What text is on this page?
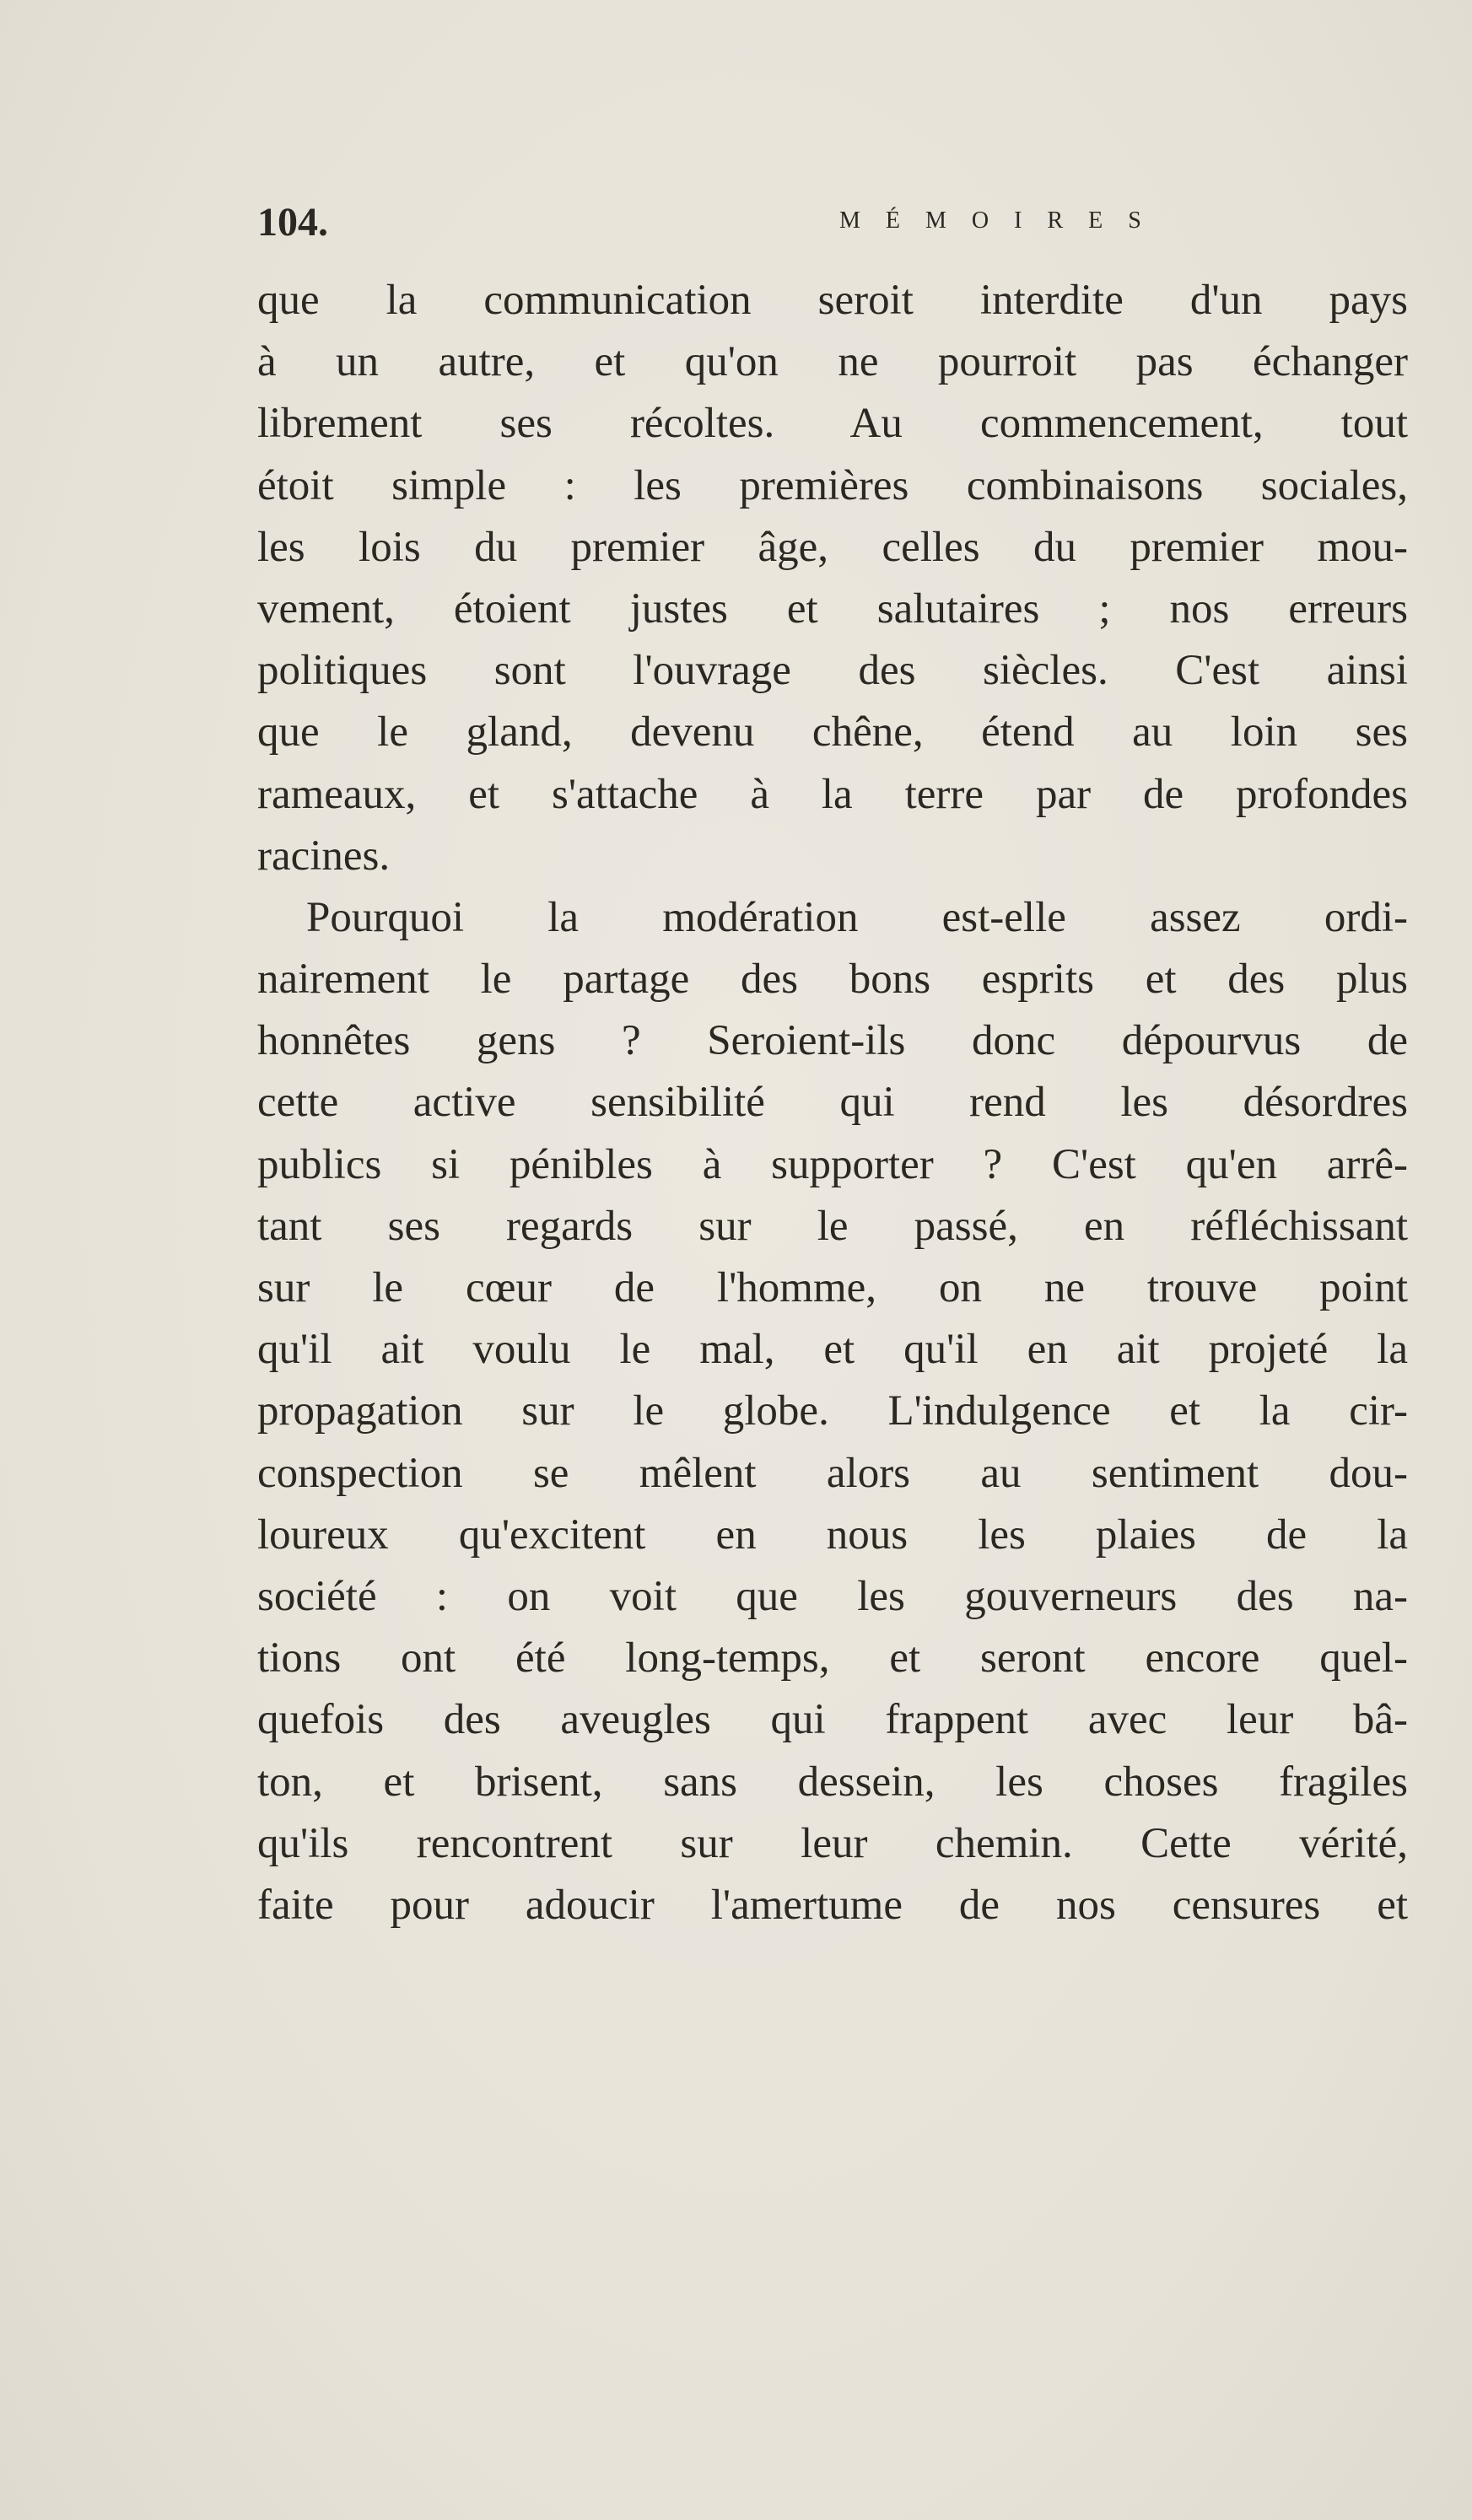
104.	MÉMOIRES
que la communication seroit interdite d'un pays
à un autre, et qu'on ne pourroit pas échanger
librement ses récoltes. Au commencement, tout
étoit simple : les premières combinaisons sociales,
les lois du premier âge, celles du premier mou-
vement, étoient justes et salutaires ; nos erreurs
politiques sont l'ouvrage des siècles. C'est ainsi
que le gland, devenu chêne, étend au loin ses
rameaux, et s'attache à la terre par de profondes
racines.
Pourquoi la modération est-elle assez ordi-
nairement le partage des bons esprits et des plus
honnêtes gens ? Seroient-ils donc dépourvus de
cette active sensibilité qui rend les désordres
publics si pénibles à supporter ? C'est qu'en arrê-
tant ses regards sur le passé, en réfléchissant
sur le cœur de l'homme, on ne trouve point
qu'il ait voulu le mal, et qu'il en ait projeté la
propagation sur le globe. L'indulgence et la cir-
conspection se mêlent alors au sentiment dou-
loureux qu'excitent en nous les plaies de la
société : on voit que les gouverneurs des na-
tions ont été long-temps, et seront encore quel-
quefois des aveugles qui frappent avec leur bâ-
ton, et brisent, sans dessein, les choses fragiles
qu'ils rencontrent sur leur chemin. Cette vérité,
faite pour adoucir l'amertume de nos censures et
